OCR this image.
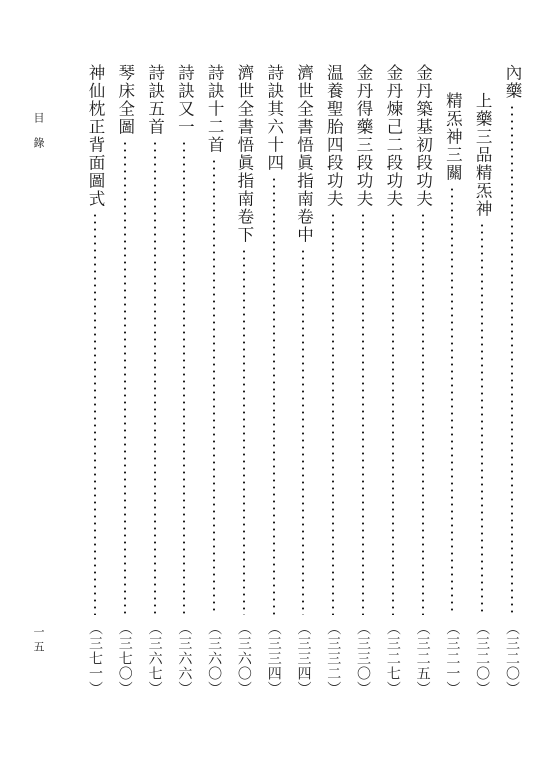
目錄
一五
內藥
（三二〇）
上藥三品精炁神
（三二〇）
精炁神三關
（三二一）
金丹築基初段功夫
（三二五）
金丹煉己二段功夫
（三二七）
金丹得藥三段功夫
（三三〇）
温養聖胎四段功夫
（三三二）
濟世全書悟眞指南卷中
（三三四）
詩訣其六十四
（三三四）
濟世全書悟眞指南卷下
（三六〇）
詩訣十二首
（三六〇）
詩訣又一
（三六六）
詩訣五首
（三六七）
琴床全圖
（三七〇）
神仙枕正背面圖式
（三七一）
